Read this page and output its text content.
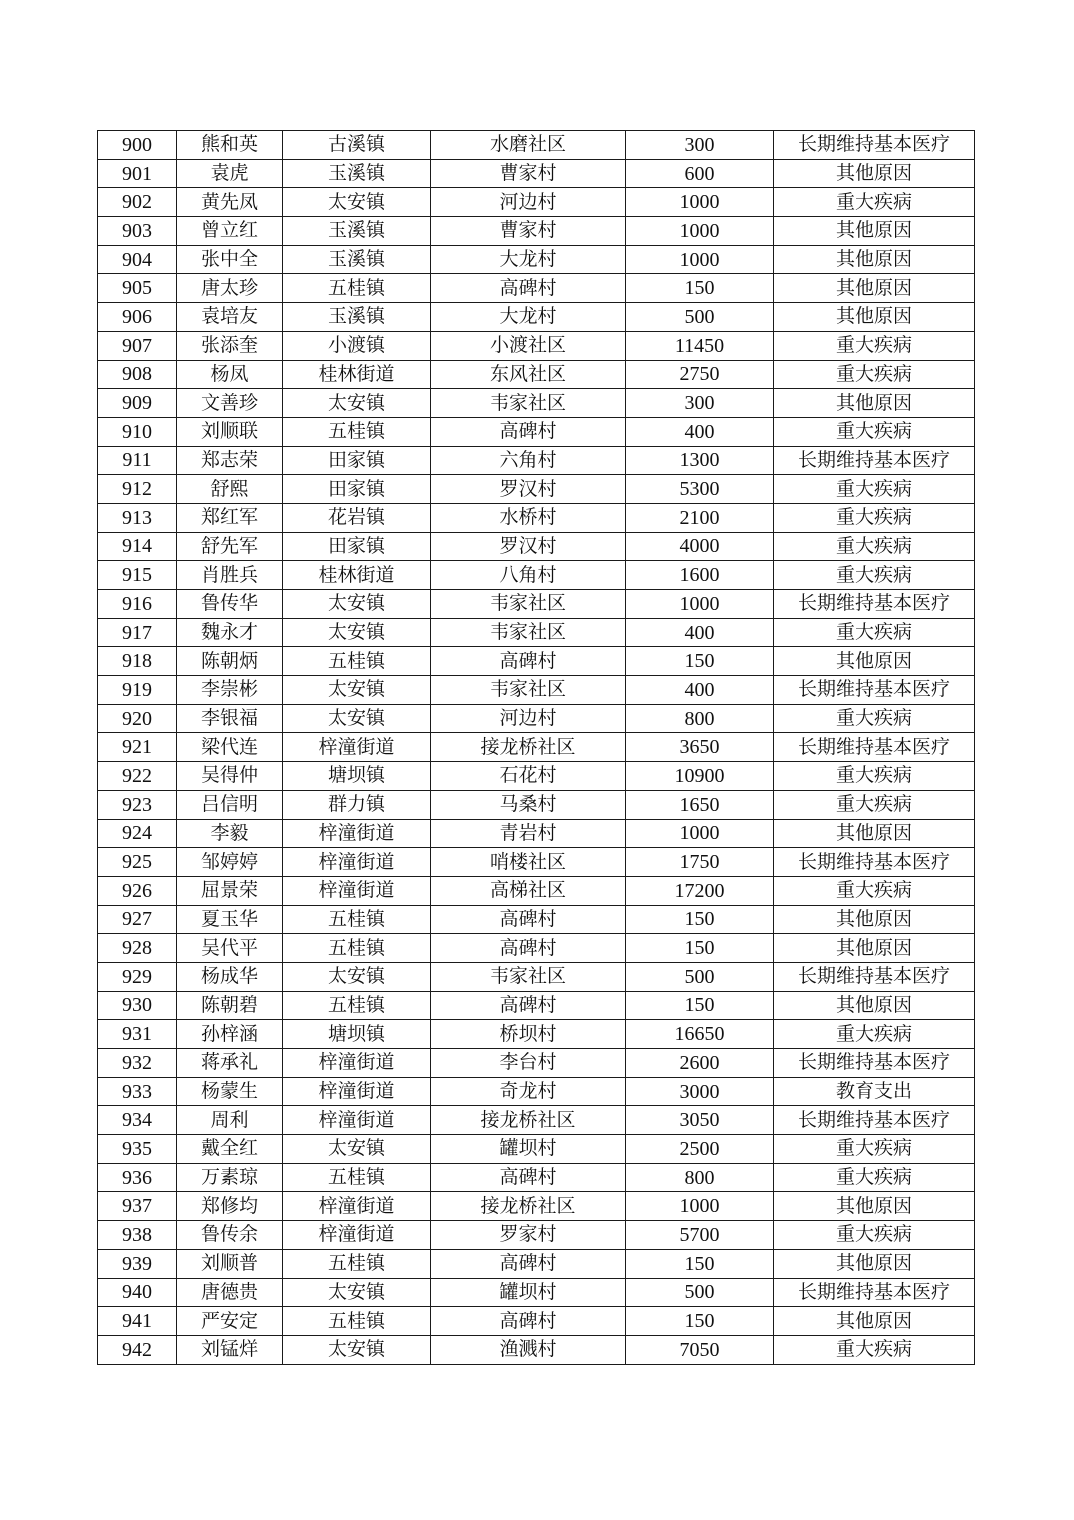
900	熊和英	古溪镇	水磨社区	300	长期维持基本医疗
901	袁虎	玉溪镇	曹家村	600	其他原因
902	黄先凤	太安镇	河边村	1000	重大疾病
903	曾立红	玉溪镇	曹家村	1000	其他原因
904	张中全	玉溪镇	大龙村	1000	其他原因
905	唐太珍	五桂镇	高碑村	150	其他原因
906	袁培友	玉溪镇	大龙村	500	其他原因
907	张添奎	小渡镇	小渡社区	11450	重大疾病
908	杨凤	桂林街道	东风社区	2750	重大疾病
909	文善珍	太安镇	韦家社区	300	其他原因
910	刘顺联	五桂镇	高碑村	400	重大疾病
911	郑志荣	田家镇	六角村	1300	长期维持基本医疗
912	舒熙	田家镇	罗汉村	5300	重大疾病
913	郑红军	花岩镇	水桥村	2100	重大疾病
914	舒先军	田家镇	罗汉村	4000	重大疾病
915	肖胜兵	桂林街道	八角村	1600	重大疾病
916	鲁传华	太安镇	韦家社区	1000	长期维持基本医疗
917	魏永才	太安镇	韦家社区	400	重大疾病
918	陈朝炳	五桂镇	高碑村	150	其他原因
919	李崇彬	太安镇	韦家社区	400	长期维持基本医疗
920	李银福	太安镇	河边村	800	重大疾病
921	梁代连	梓潼街道	接龙桥社区	3650	长期维持基本医疗
922	吴得仲	塘坝镇	石花村	10900	重大疾病
923	吕信明	群力镇	马桑村	1650	重大疾病
924	李毅	梓潼街道	青岩村	1000	其他原因
925	邹婷婷	梓潼街道	哨楼社区	1750	长期维持基本医疗
926	屈景荣	梓潼街道	高梯社区	17200	重大疾病
927	夏玉华	五桂镇	高碑村	150	其他原因
928	吴代平	五桂镇	高碑村	150	其他原因
929	杨成华	太安镇	韦家社区	500	长期维持基本医疗
930	陈朝碧	五桂镇	高碑村	150	其他原因
931	孙梓涵	塘坝镇	桥坝村	16650	重大疾病
932	蒋承礼	梓潼街道	李台村	2600	长期维持基本医疗
933	杨蒙生	梓潼街道	奇龙村	3000	教育支出
934	周利	梓潼街道	接龙桥社区	3050	长期维持基本医疗
935	戴全红	太安镇	罐坝村	2500	重大疾病
936	万素琼	五桂镇	高碑村	800	重大疾病
937	郑修均	梓潼街道	接龙桥社区	1000	其他原因
938	鲁传余	梓潼街道	罗家村	5700	重大疾病
939	刘顺普	五桂镇	高碑村	150	其他原因
940	唐德贵	太安镇	罐坝村	500	长期维持基本医疗
941	严安定	五桂镇	高碑村	150	其他原因
942	刘锰烊	太安镇	渔溅村	7050	重大疾病
